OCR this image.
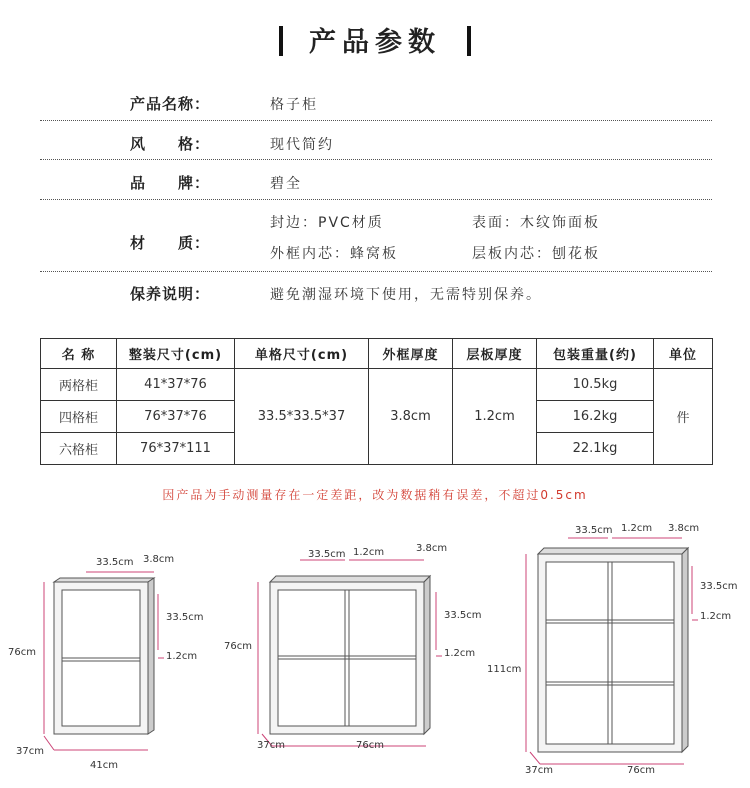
产品参数
产品名称：	格子柜
风　　格：	现代简约
品　　牌：	碧全
材　　质：
封边：PVC材质	表面：木纹饰面板
外框内芯：蜂窝板	层板内芯：刨花板
保养说明：	避免潮湿环境下使用，无需特别保养。
名 称	整装尺寸(cm)	单格尺寸(cm)	外框厚度	层板厚度	包装重量(约)	单位
两格柜	41*37*76	33.5*33.5*37	3.8cm	1.2cm	10.5kg	件
四格柜	76*37*76				16.2kg	
六格柜	76*37*111				22.1kg	
因产品为手动测量存在一定差距，改为数据稍有误差，不超过0.5cm
33.5cm 3.8cm
33.5cm
1.2cm
76cm
37cm
41cm
33.5cm 1.2cm	3.8cm
33.5cm
1.2cm
76cm
37cm	76cm
33.5cm 1.2cm 3.8cm
33.5cm
1.2cm
111cm
37cm	76cm
